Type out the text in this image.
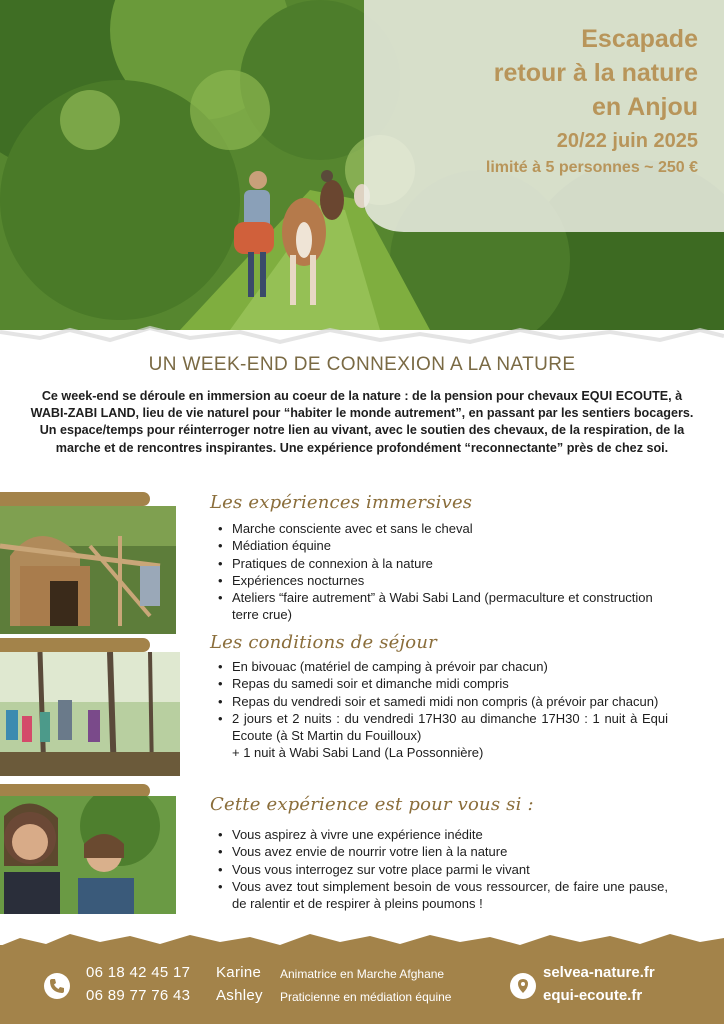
Escapade
retour à la nature
en Anjou
20/22 juin 2025
limité à 5 personnes ~ 250 €
UN WEEK-END DE CONNEXION A LA NATURE

Ce week-end se déroule en immersion au coeur de la nature : de la pension pour chevaux EQUI ECOUTE, à WABI-ZABI LAND, lieu de vie naturel pour “habiter le monde autrement”, en passant par les sentiers bocagers. Un espace/temps pour réinterroger notre lien au vivant, avec le soutien des chevaux, de la respiration, de la marche et de rencontres inspirantes. Une expérience profondément “reconnectante” près de chez soi.

Les expériences immersives
• Marche consciente avec et sans le cheval
• Médiation équine
• Pratiques de connexion à la nature
• Expériences nocturnes
• Ateliers “faire autrement” à Wabi Sabi Land (permaculture et construction terre crue)
Les conditions de séjour
• En bivouac (matériel de camping à prévoir par chacun)
• Repas du samedi soir et dimanche midi compris
• Repas du vendredi soir et samedi midi non compris (à prévoir par chacun)
• 2 jours et 2 nuits : du vendredi 17H30 au dimanche 17H30 : 1 nuit à Equi Ecoute (à St Martin du Fouilloux)
+ 1 nuit à Wabi Sabi Land (La Possonnière)
Cette expérience est pour vous si :
• Vous aspirez à vivre une expérience inédite
• Vous avez envie de nourrir votre lien à la nature
• Vous vous interrogez sur votre place parmi le vivant
• Vous avez tout simplement besoin de vous ressourcer, de faire une pause, de ralentir et de respirer à pleins poumons !
06 18 42 45 17 Karine Animatrice en Marche Afghane
06 89 77 76 43 Ashley Praticienne en médiation équine
selvea-nature.fr
equi-ecoute.fr
